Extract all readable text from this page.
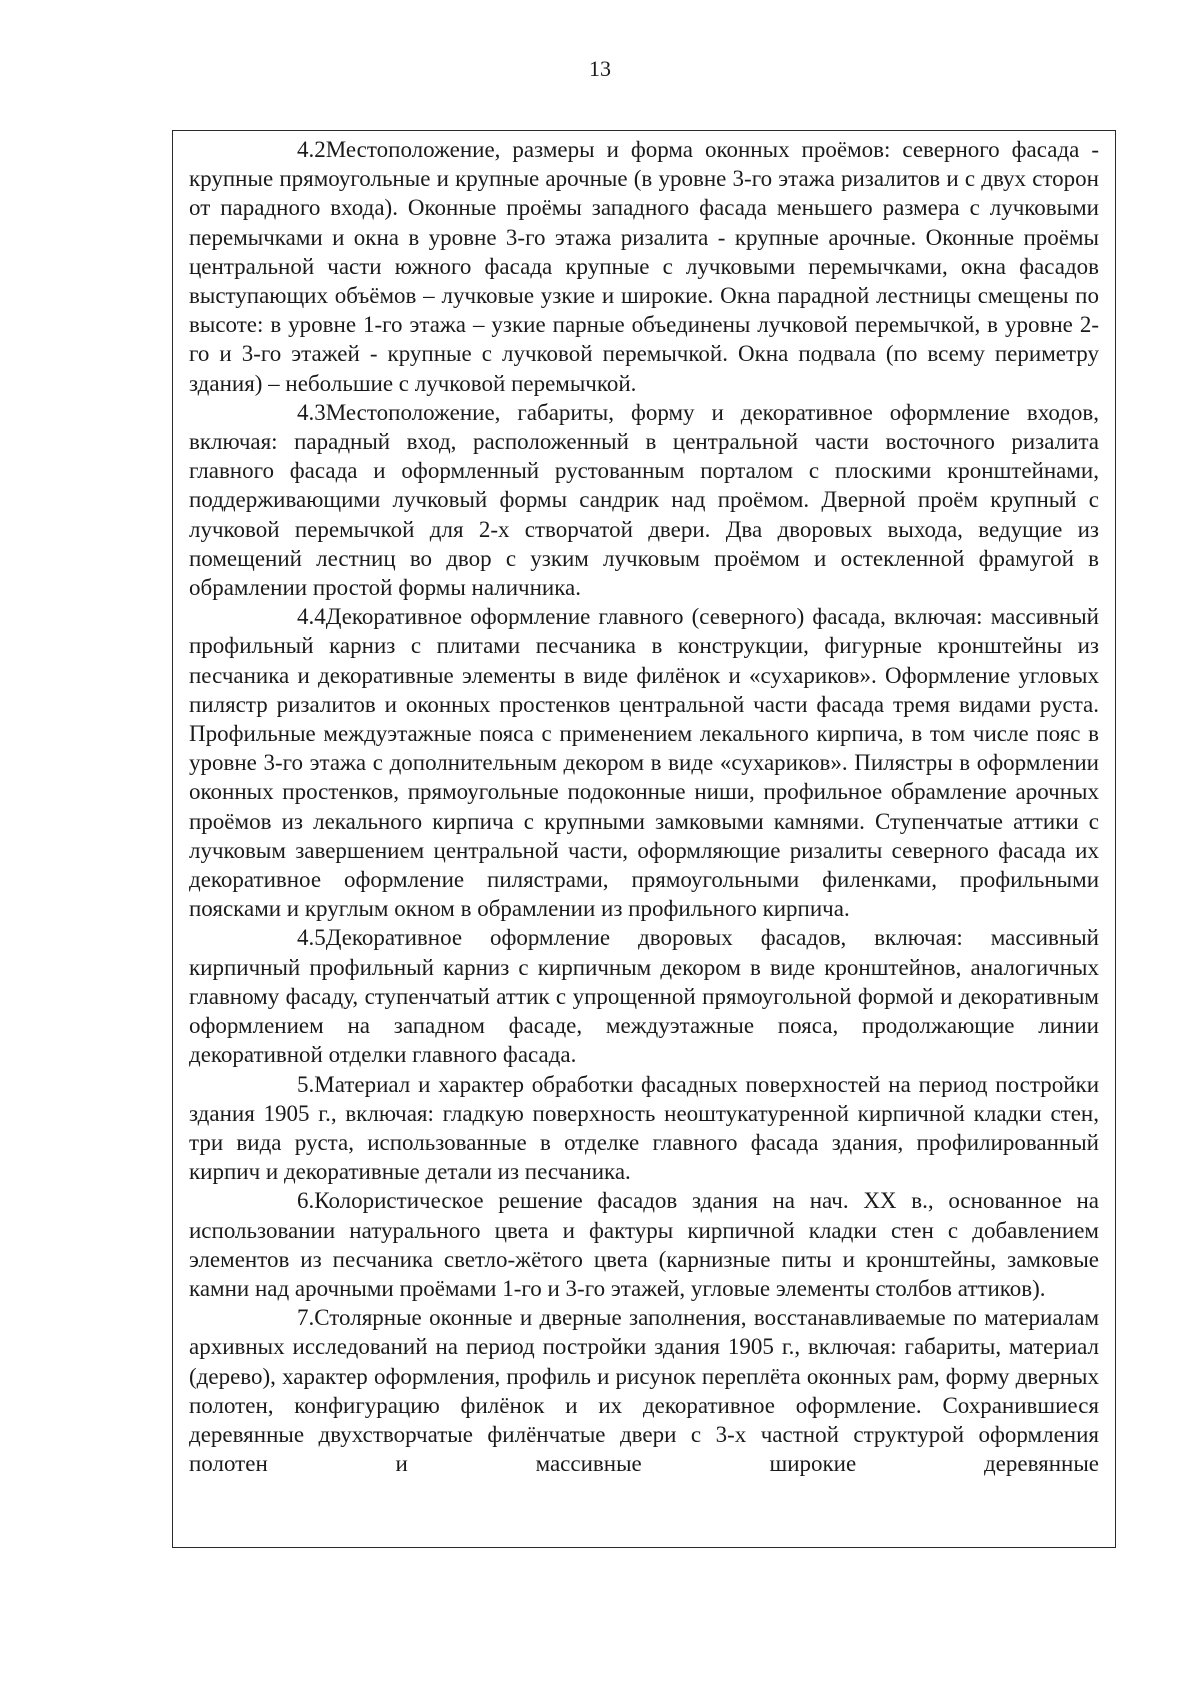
13

4.2Местоположение, размеры и форма оконных проёмов: северного фасада - крупные прямоугольные и крупные арочные (в уровне 3-го этажа ризалитов и с двух сторон от парадного входа). Оконные проёмы западного фасада меньшего размера с лучковыми перемычками и окна в уровне 3-го этажа ризалита - крупные арочные. Оконные проёмы центральной части южного фасада крупные с лучковыми перемычками, окна фасадов выступающих объёмов – лучковые узкие и широкие. Окна парадной лестницы смещены по высоте: в уровне 1-го этажа – узкие парные объединены лучковой перемычкой, в уровне 2-го и 3-го этажей - крупные с лучковой перемычкой. Окна подвала (по всему периметру здания) – небольшие с лучковой перемычкой.

4.3Местоположение, габариты, форму и декоративное оформление входов, включая: парадный вход, расположенный в центральной части восточного ризалита главного фасада и оформленный рустованным порталом с плоскими кронштейнами, поддерживающими лучковый формы сандрик над проёмом. Дверной проём крупный с лучковой перемычкой для 2-х створчатой двери. Два дворовых выхода, ведущие из помещений лестниц во двор с узким лучковым проёмом и остекленной фрамугой в обрамлении простой формы наличника.

4.4Декоративное оформление главного (северного) фасада, включая: массивный профильный карниз с плитами песчаника в конструкции, фигурные кронштейны из песчаника и декоративные элементы в виде филёнок и «сухариков». Оформление угловых пилястр ризалитов и оконных простенков центральной части фасада тремя видами руста. Профильные междуэтажные пояса с применением лекального кирпича, в том числе пояс в уровне 3-го этажа с дополнительным декором в виде «сухариков». Пилястры в оформлении оконных простенков, прямоугольные подоконные ниши, профильное обрамление арочных проёмов из лекального кирпича с крупными замковыми камнями. Ступенчатые аттики с лучковым завершением центральной части, оформляющие ризалиты северного фасада их декоративное оформление пилястрами, прямоугольными филенками, профильными поясками и круглым окном в обрамлении из профильного кирпича.

4.5Декоративное оформление дворовых фасадов, включая: массивный кирпичный профильный карниз с кирпичным декором в виде кронштейнов, аналогичных главному фасаду, ступенчатый аттик с упрощенной прямоугольной формой и декоративным оформлением на западном фасаде, междуэтажные пояса, продолжающие линии декоративной отделки главного фасада.

5.Материал и характер обработки фасадных поверхностей на период постройки здания 1905 г., включая: гладкую поверхность неоштукатуренной кирпичной кладки стен, три вида руста, использованные в отделке главного фасада здания, профилированный кирпич и декоративные детали из песчаника.

6.Колористическое решение фасадов здания на нач. XX в., основанное на использовании натурального цвета и фактуры кирпичной кладки стен с добавлением элементов из песчаника светло-жётого цвета (карнизные питы и кронштейны, замковые камни над арочными проёмами 1-го и 3-го этажей, угловые элементы столбов аттиков).

7.Столярные оконные и дверные заполнения, восстанавливаемые по материалам архивных исследований на период постройки здания 1905 г., включая: габариты, материал (дерево), характер оформления, профиль и рисунок переплёта оконных рам, форму дверных полотен, конфигурацию филёнок и их декоративное оформление. Сохранившиеся деревянные двухстворчатые филёнчатые двери с 3-х частной структурой оформления полотен и массивные широкие деревянные
